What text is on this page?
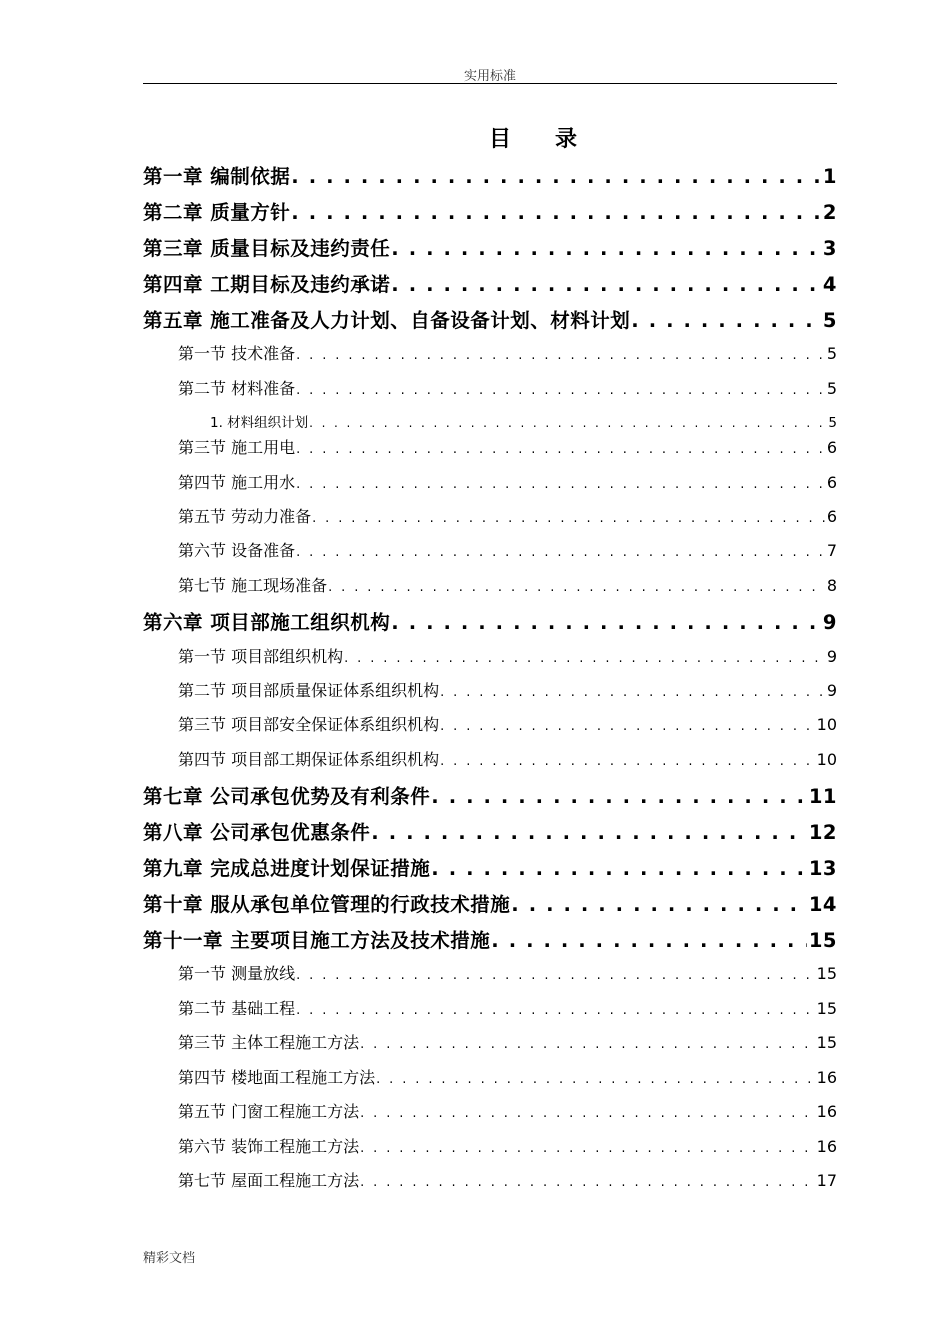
实用标准
目录
第一章 编制依据 . . .	1
第二章 质量方针 . . .	2
第三章 质量目标及违约责任 . . .	3
第四章 工期目标及违约承诺 . . .	4
第五章 施工准备及人力计划、自备设备计划、材料计划 . . .	5
第一节 技术准备 . . .	5
第二节 材料准备 . . .	5
1. 材料组织计划 . . .	5
第三节 施工用电 . . .	6
第四节 施工用水 . . .	6
第五节 劳动力准备 . . .	6
第六节 设备准备 . . .	7
第七节 施工现场准备 . . .	8
第六章 项目部施工组织机构 . . .	9
第一节 项目部组织机构 . . .	9
第二节 项目部质量保证体系组织机构 . . .	9
第三节 项目部安全保证体系组织机构 . . .	10
第四节 项目部工期保证体系组织机构 . . .	10
第七章 公司承包优势及有利条件 . . .	11
第八章 公司承包优惠条件 . . .	12
第九章 完成总进度计划保证措施 . . .	13
第十章 服从承包单位管理的行政技术措施 . . .	14
第十一章 主要项目施工方法及技术措施 . . .	15
第一节 测量放线 . . .	15
第二节 基础工程 . . .	15
第三节 主体工程施工方法 . . .	15
第四节 楼地面工程施工方法 . . .	16
第五节 门窗工程施工方法 . . .	16
第六节 装饰工程施工方法 . . .	16
第七节 屋面工程施工方法 . . .	17
精彩文档
